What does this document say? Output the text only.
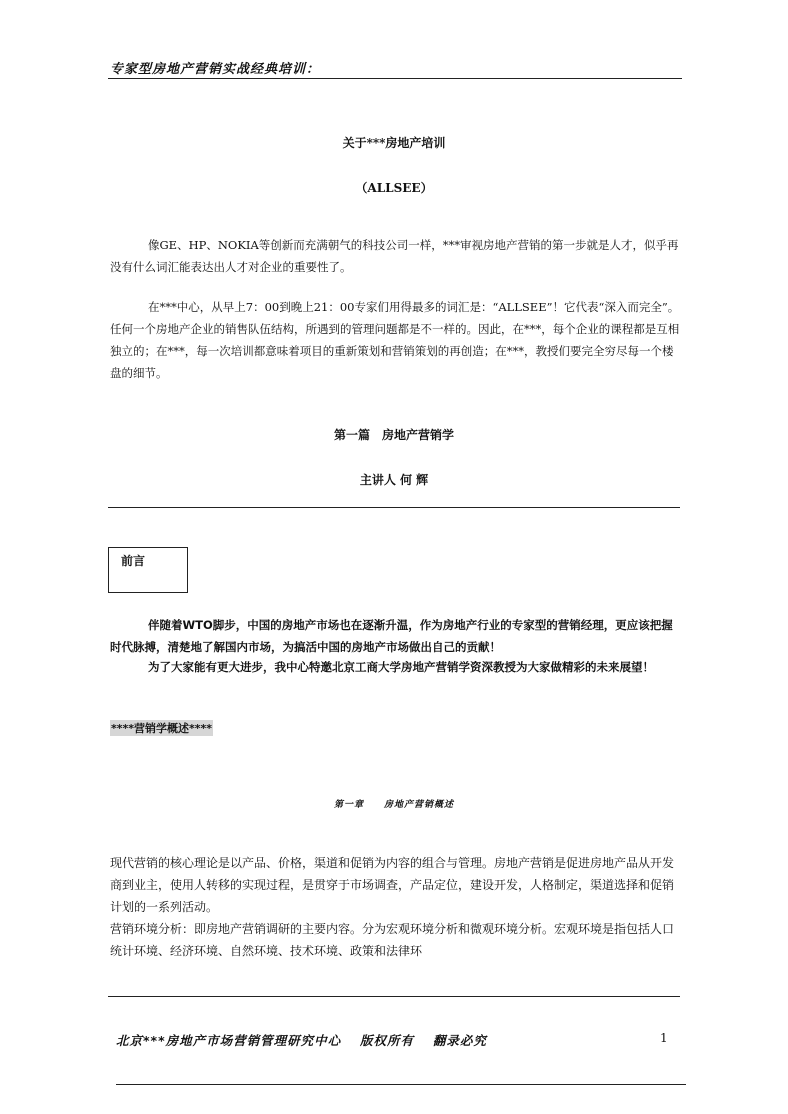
专家型房地产营销实战经典培训：
关于***房地产培训
（ALLSEE）
像GE、HP、NOKIA等创新而充满朝气的科技公司一样，***审视房地产营销的第一步就是人才，似乎再没有什么词汇能表达出人才对企业的重要性了。
在***中心，从早上7：00到晚上21：00专家们用得最多的词汇是：“ALLSEE”！它代表“深入而完全”。任何一个房地产企业的销售队伍结构，所遇到的管理问题都是不一样的。因此，在***，每个企业的课程都是互相独立的；在***，每一次培训都意味着项目的重新策划和营销策划的再创造；在***，教授们要完全穷尽每一个楼盘的细节。
第一篇　房地产营销学
主讲人 何 辉
前言
伴随着WTO脚步，中国的房地产市场也在逐渐升温，作为房地产行业的专家型的营销经理，更应该把握时代脉搏，清楚地了解国内市场，为搞活中国的房地产市场做出自己的贡献！
为了大家能有更大进步，我中心特邀北京工商大学房地产营销学资深教授为大家做精彩的未来展望！
****营销学概述****
第一章　　房地产营销概述
现代营销的核心理论是以产品、价格，渠道和促销为内容的组合与管理。房地产营销是促进房地产品从开发商到业主，使用人转移的实现过程，是贯穿于市场调查，产品定位，建设开发，人格制定，渠道选择和促销计划的一系列活动。
营销环境分析：即房地产营销调研的主要内容。分为宏观环境分析和微观环境分析。宏观环境是指包括人口统计环境、经济环境、自然环境、技术环境、政策和法律环
北京***房地产市场营销管理研究中心　 版权所有　 翻录必究	1
